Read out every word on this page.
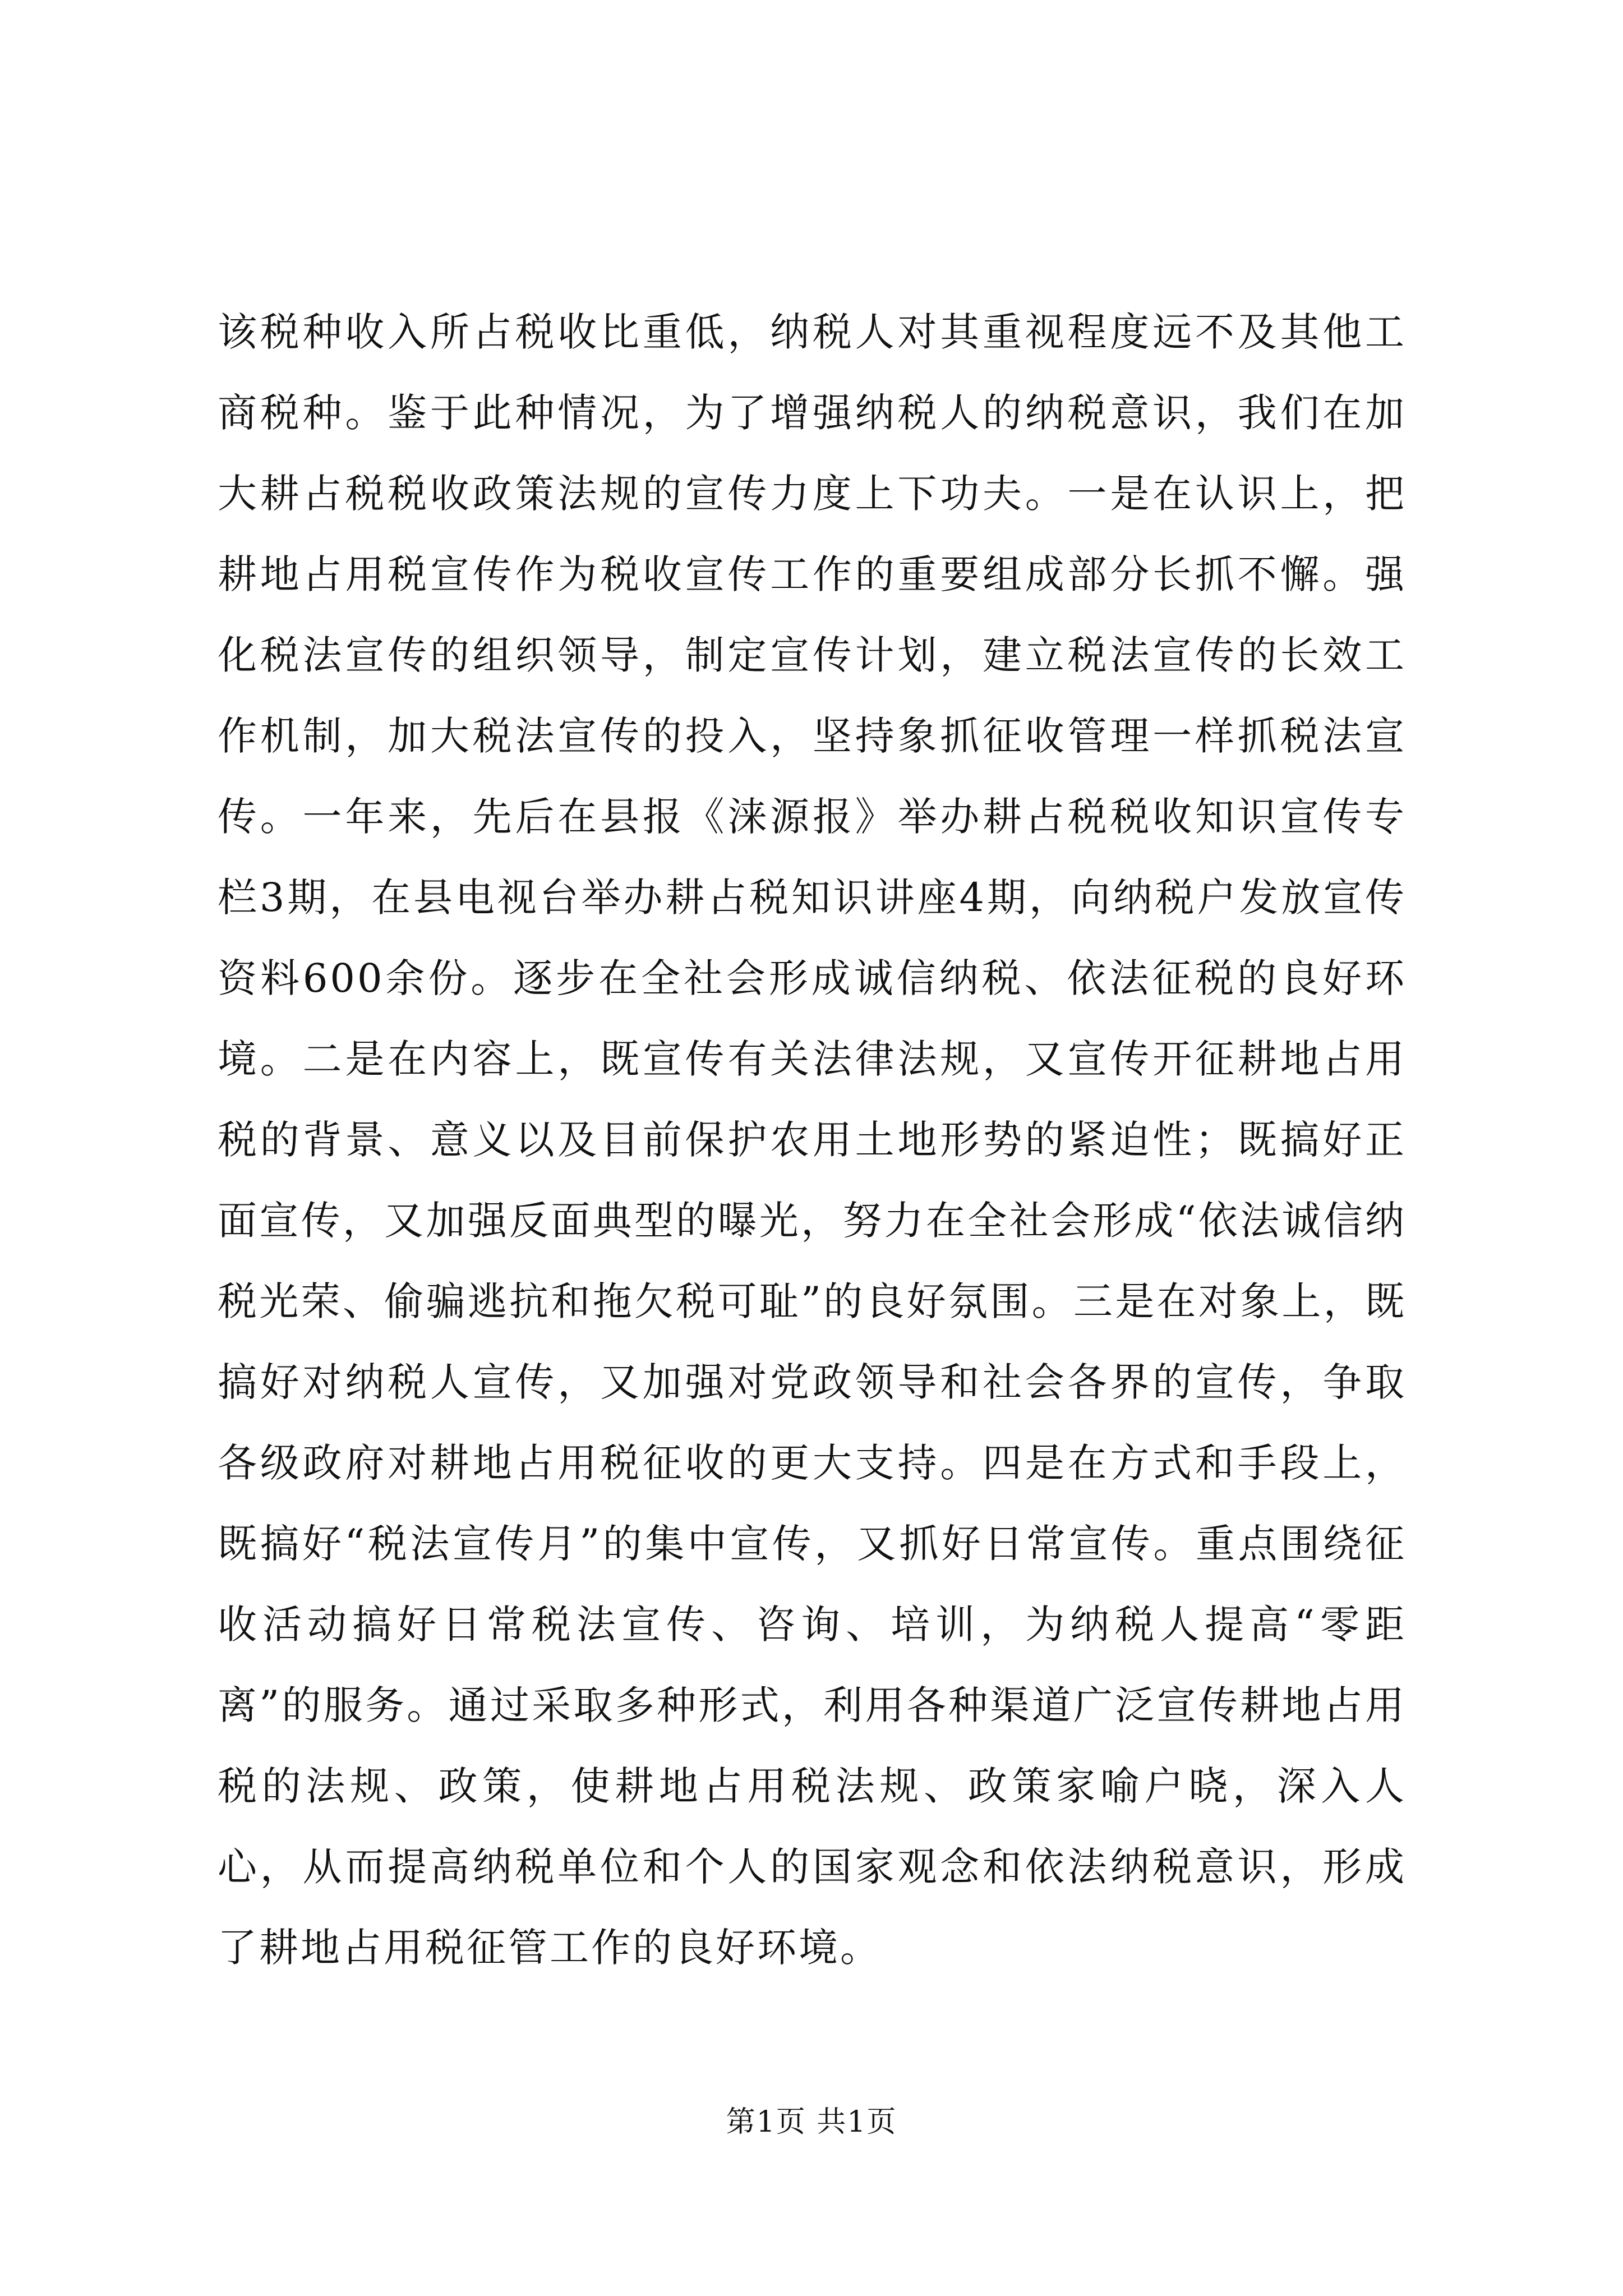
该税种收入所占税收比重低，纳税人对其重视程度远不及其他工商税种。鉴于此种情况，为了增强纳税人的纳税意识，我们在加大耕占税税收政策法规的宣传力度上下功夫。一是在认识上，把耕地占用税宣传作为税收宣传工作的重要组成部分长抓不懈。强化税法宣传的组织领导，制定宣传计划，建立税法宣传的长效工作机制，加大税法宣传的投入，坚持象抓征收管理一样抓税法宣传。一年来，先后在县报《涞源报》举办耕占税税收知识宣传专栏3期，在县电视台举办耕占税知识讲座4期，向纳税户发放宣传资料600余份。逐步在全社会形成诚信纳税、依法征税的良好环境。二是在内容上，既宣传有关法律法规，又宣传开征耕地占用税的背景、意义以及目前保护农用土地形势的紧迫性；既搞好正面宣传，又加强反面典型的曝光，努力在全社会形成“依法诚信纳税光荣、偷骗逃抗和拖欠税可耻”的良好氛围。三是在对象上，既搞好对纳税人宣传，又加强对党政领导和社会各界的宣传，争取各级政府对耕地占用税征收的更大支持。四是在方式和手段上，既搞好“税法宣传月”的集中宣传，又抓好日常宣传。重点围绕征收活动搞好日常税法宣传、咨询、培训，为纳税人提高“零距离”的服务。通过采取多种形式，利用各种渠道广泛宣传耕地占用税的法规、政策，使耕地占用税法规、政策家喻户晓，深入人心，从而提高纳税单位和个人的国家观念和依法纳税意识，形成了耕地占用税征管工作的良好环境。

第1页 共1页
